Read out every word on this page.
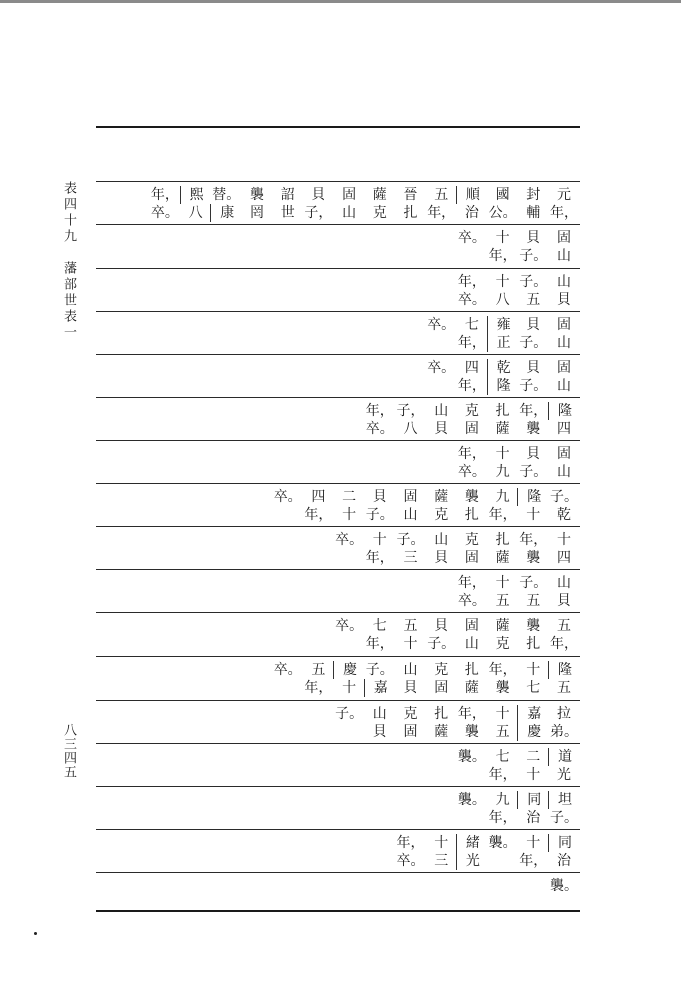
表四十九　藩部世表一
八三四五
元
年，
封
輔
國
公。
順
治
五
年，
晉
扎
薩
克
固
山
貝
子，
詔
世
襲
罔
替。
康
熙
八
年，
卒。
固
山
貝
子。
十
年，
卒。

山
貝
子。
五
十
八
年，
卒。
固
山
貝
子。
雍
正
七
年，
卒。

固
山
貝
子。
乾
隆
四
年，
卒。

隆
四
年，
襲
扎
薩
克
固
山
貝
子，
八
年，
卒。
固
山
貝
子。
十
九
年，
卒。
子。
乾
隆
十
九
年，
襲
扎
薩
克
固
山
貝
子。
二
十
四
年，
卒。

十
四
年，
襲
扎
薩
克
固
山
貝
子。
三
十
年，
卒。

山
貝
子。
五
十
五
年，
卒。
五
年，
襲
扎
薩
克
固
山
貝
子。
五
十
七
年，
卒。

隆
五
十
七
年，
襲
扎
薩
克
固
山
貝
子。
嘉
慶
十
五
年，
卒。

拉
弟。
嘉
慶
十
五
年，
襲
扎
薩
克
固
山
貝
子。

道
光
二
十
七
年，
襲。

坦
子。
同
治
九
年，
襲。

同
治
十
年，
襲。

緒
光
十
三
年，
卒。
襲。
